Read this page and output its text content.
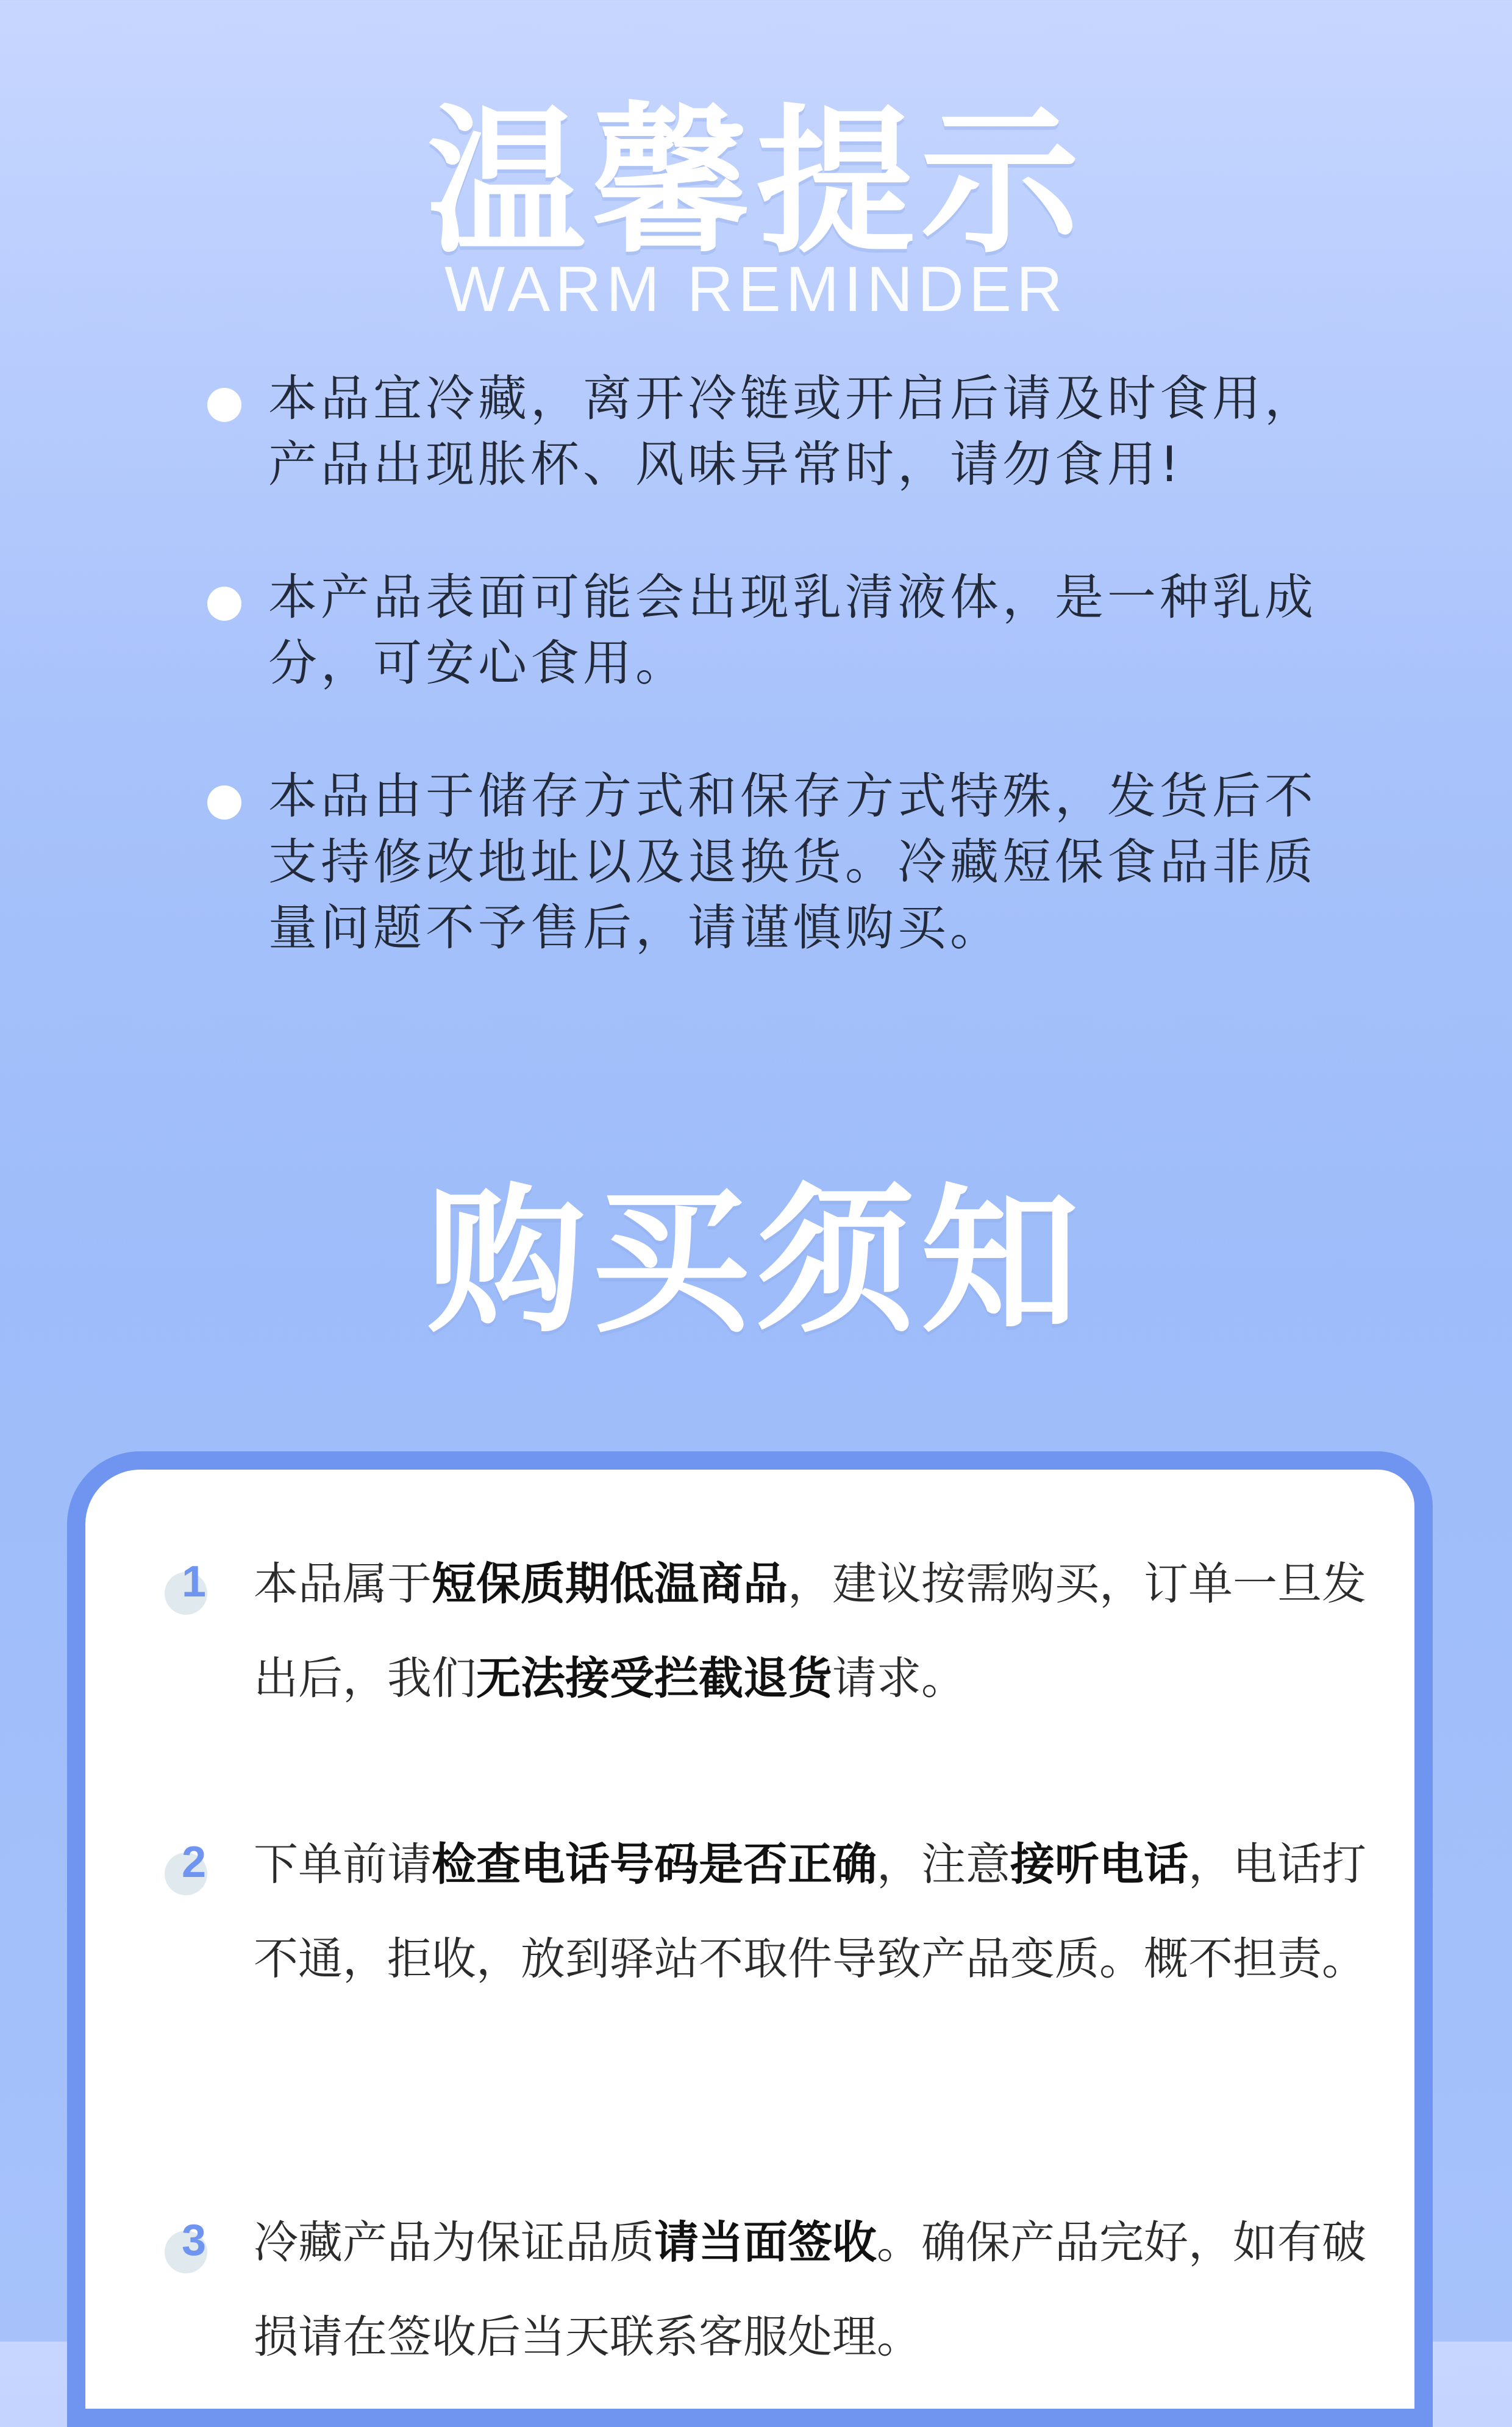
温馨提示
WARM REMINDER
本品宜冷藏，离开冷链或开启后请及时食用，产品出现胀杯、风味异常时，请勿食用!
本产品表面可能会出现乳清液体，是一种乳成分，可安心食用。
本品由于储存方式和保存方式特殊，发货后不支持修改地址以及退换货。冷藏短保食品非质量问题不予售后，请谨慎购买。
购买须知
1 本品属于短保质期低温商品，建议按需购买，订单一旦发出后，我们无法接受拦截退货请求。
2 下单前请检查电话号码是否正确，注意接听电话，电话打不通，拒收，放到驿站不取件导致产品变质。概不担责。
3 冷藏产品为保证品质请当面签收。确保产品完好，如有破损请在签收后当天联系客服处理。
